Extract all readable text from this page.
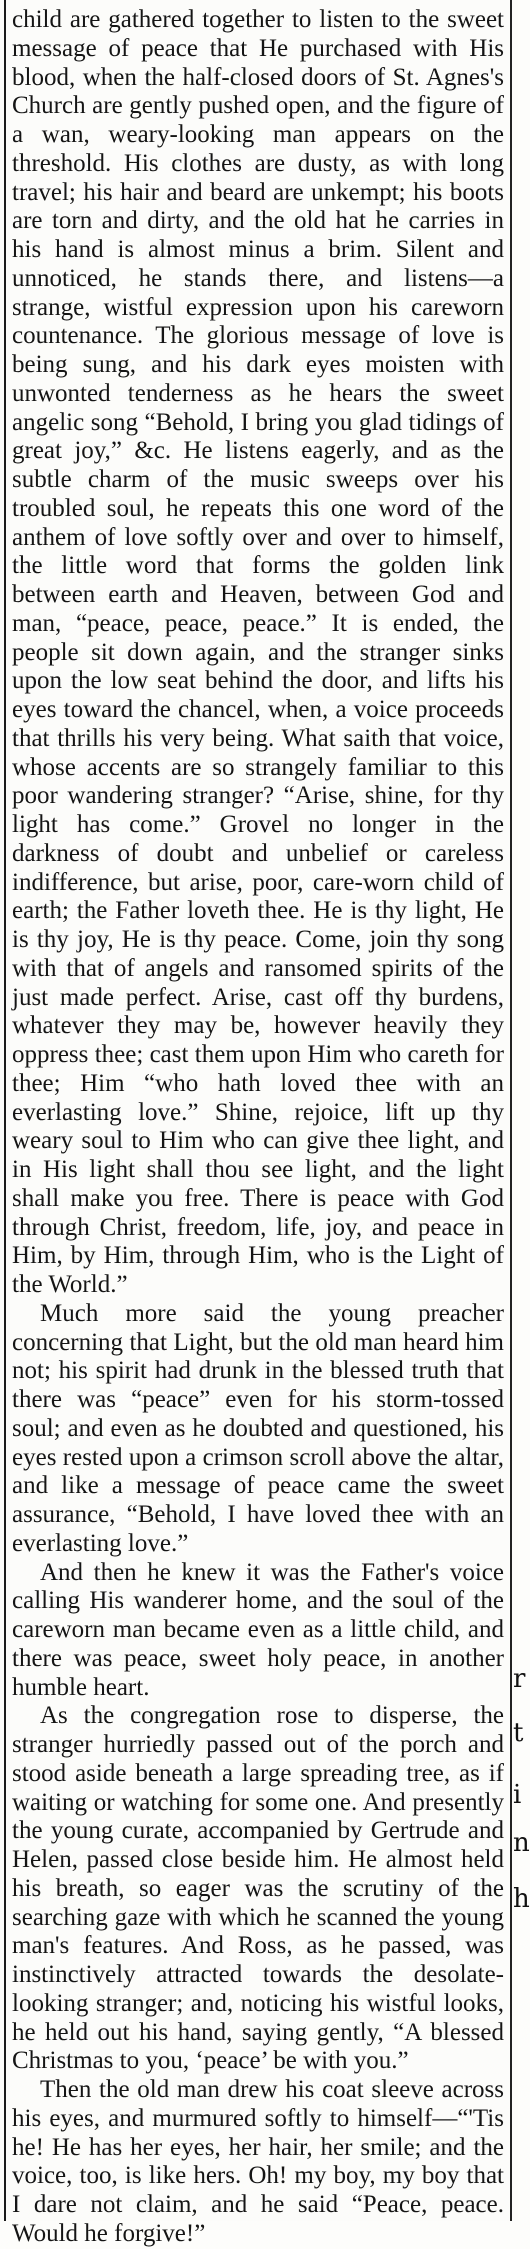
child are gathered together to listen to the sweet message of peace that He purchased with His blood, when the half-closed doors of St. Agnes's Church are gently pushed open, and the figure of a wan, weary-looking man appears on the threshold. His clothes are dusty, as with long travel; his hair and beard are unkempt; his boots are torn and dirty, and the old hat he carries in his hand is almost minus a brim. Silent and unnoticed, he stands there, and listens—a strange, wistful expression upon his careworn countenance. The glorious message of love is being sung, and his dark eyes moisten with unwonted tenderness as he hears the sweet angelic song “Behold, I bring you glad tidings of great joy,” &c. He listens eagerly, and as the subtle charm of the music sweeps over his troubled soul, he repeats this one word of the anthem of love softly over and over to himself, the little word that forms the golden link between earth and Heaven, between God and man, “peace, peace, peace.” It is ended, the people sit down again, and the stranger sinks upon the low seat behind the door, and lifts his eyes toward the chancel, when, a voice proceeds that thrills his very being. What saith that voice, whose accents are so strangely familiar to this poor wandering stranger? “Arise, shine, for thy light has come.” Grovel no longer in the darkness of doubt and unbelief or careless indifference, but arise, poor, care-worn child of earth; the Father loveth thee. He is thy light, He is thy joy, He is thy peace. Come, join thy song with that of angels and ransomed spirits of the just made perfect. Arise, cast off thy burdens, whatever they may be, however heavily they oppress thee; cast them upon Him who careth for thee; Him “who hath loved thee with an everlasting love.” Shine, rejoice, lift up thy weary soul to Him who can give thee light, and in His light shall thou see light, and the light shall make you free. There is peace with God through Christ, freedom, life, joy, and peace in Him, by Him, through Him, who is the Light of the World.”

Much more said the young preacher concerning that Light, but the old man heard him not; his spirit had drunk in the blessed truth that there was “peace” even for his storm-tossed soul; and even as he doubted and questioned, his eyes rested upon a crimson scroll above the altar, and like a message of peace came the sweet assurance, “Behold, I have loved thee with an everlasting love.”

And then he knew it was the Father's voice calling His wanderer home, and the soul of the careworn man became even as a little child, and there was peace, sweet holy peace, in another humble heart.

As the congregation rose to disperse, the stranger hurriedly passed out of the porch and stood aside beneath a large spreading tree, as if waiting or watching for some one. And presently the young curate, accompanied by Gertrude and Helen, passed close beside him. He almost held his breath, so eager was the scrutiny of the searching gaze with which he scanned the young man's features. And Ross, as he passed, was instinctively attracted towards the desolate-looking stranger; and, noticing his wistful looks, he held out his hand, saying gently, “A blessed Christmas to you, ‘peace’ be with you.”

Then the old man drew his coat sleeve across his eyes, and murmured softly to himself—“'Tis he! He has her eyes, her hair, her smile; and the voice, too, is like hers. Oh! my boy, my boy that I dare not claim, and he said “Peace, peace. Would he forgive!”

r
t
i
n
h
